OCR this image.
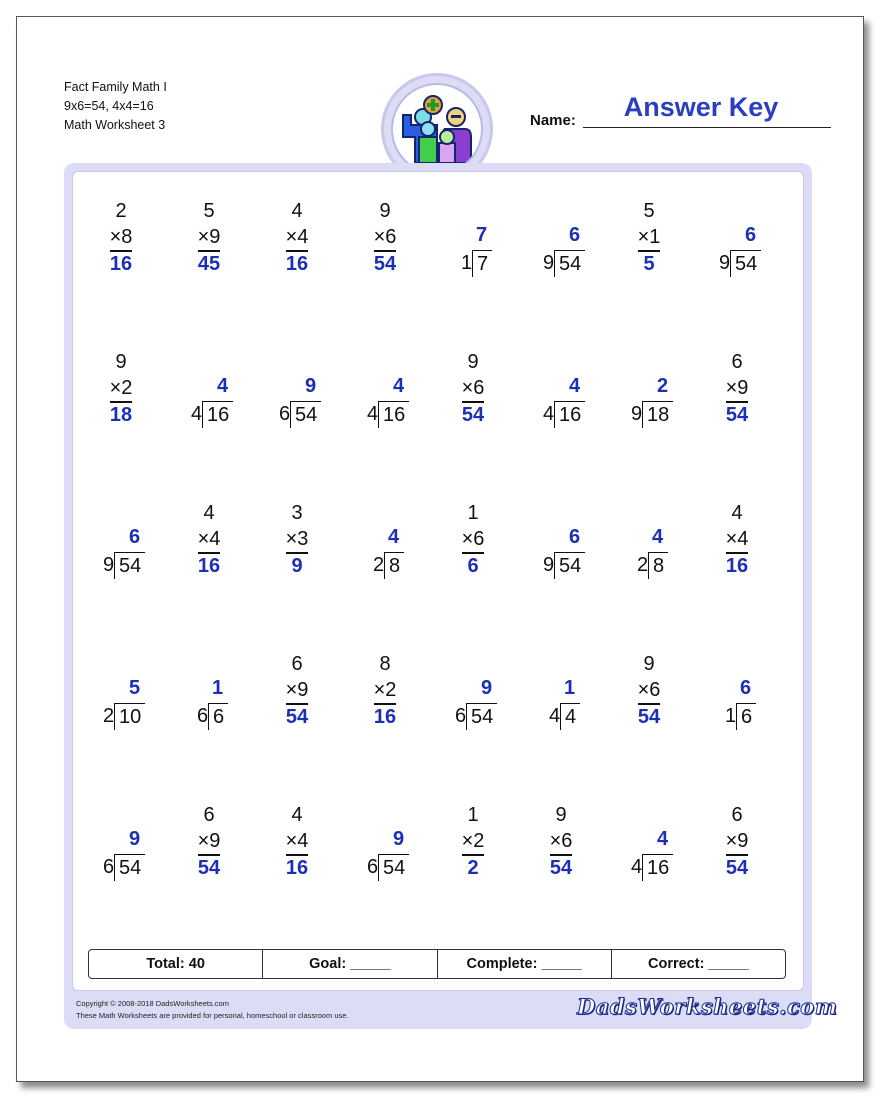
Fact Family Math I
9x6=54, 4x4=16
Math Worksheet 3	Name:	Answer Key
2
×8
16
5
×9
45
4
×4
16
9
×6
54
7
1 7
6
9 54
5
×1
5
6
9 54
9
×2
18
4
4 16
9
6 54
4
4 16
9
×6
54
4
4 16
2
9 18
6
×9
54
6
9 54
4
×4
16
3
×3
9
4
2 8
1
×6
6
6
9 54
4
2 8
4
×4
16
5
2 10
1
6 6
6
×9
54
8
×2
16
9
6 54
1
4 4
9
×6
54
6
1 6
9
6 54
6
×9
54
4
×4
16
9
6 54
1
×2
2
9
×6
54
4
4 16
6
×9
54
Total: 40	Goal: _____	Complete: _____	Correct: _____
Copyright © 2008-2018 DadsWorksheets.com
These Math Worksheets are provided for personal, homeschool or classroom use.	DadsWorksheets.com
